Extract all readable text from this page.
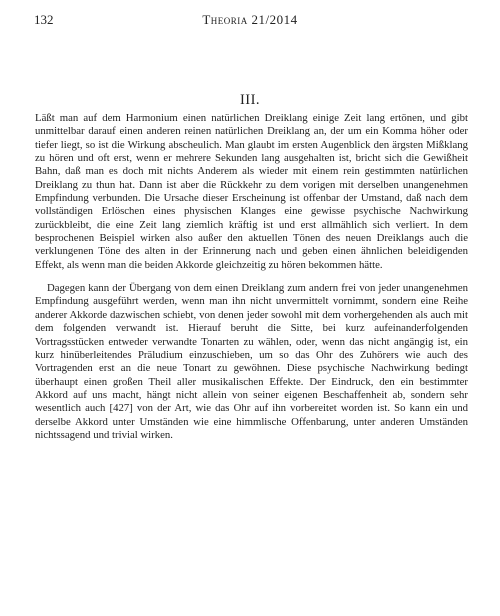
132	Theoria 21/2014
III.

Läßt man auf dem Harmonium einen natürlichen Dreiklang einige Zeit lang ertönen, und gibt unmittelbar darauf einen anderen reinen natürlichen Dreiklang an, der um ein Komma höher oder tiefer liegt, so ist die Wirkung abscheulich. Man glaubt im ersten Augenblick den ärgsten Mißklang zu hören und oft erst, wenn er mehrere Sekunden lang ausgehalten ist, bricht sich die Gewißheit Bahn, daß man es doch mit nichts Anderem als wieder mit einem rein gestimmten natürlichen Dreiklang zu thun hat. Dann ist aber die Rückkehr zu dem vorigen mit derselben unangenehmen Empfindung verbunden. Die Ursache dieser Erscheinung ist offenbar der Umstand, daß nach dem vollständigen Erlöschen eines physischen Klanges eine gewisse psychische Nachwirkung zurückbleibt, die eine Zeit lang ziemlich kräftig ist und erst allmählich sich verliert. In dem besprochenen Beispiel wirken also außer den aktuellen Tönen des neuen Dreiklangs auch die verklungenen Töne des alten in der Erinnerung nach und geben einen ähnlichen beleidigenden Effekt, als wenn man die beiden Akkorde gleichzeitig zu hören bekommen hätte.

Dagegen kann der Übergang von dem einen Dreiklang zum andern frei von jeder unangenehmen Empfindung ausgeführt werden, wenn man ihn nicht unvermittelt vornimmt, sondern eine Reihe anderer Akkorde dazwischen schiebt, von denen jeder sowohl mit dem vorhergehenden als auch mit dem folgenden verwandt ist. Hierauf beruht die Sitte, bei kurz aufeinanderfolgenden Vortragsstücken entweder verwandte Tonarten zu wählen, oder, wenn das nicht angängig ist, ein kurz hinüberleitendes Präludium einzuschieben, um so das Ohr des Zuhörers wie auch des Vortragenden erst an die neue Tonart zu gewöhnen. Diese psychische Nachwirkung bedingt überhaupt einen großen Theil aller musikalischen Effekte. Der Eindruck, den ein bestimmter Akkord auf uns macht, hängt nicht allein von seiner eigenen Beschaffenheit ab, sondern sehr wesentlich auch [427] von der Art, wie das Ohr auf ihn vorbereitet worden ist. So kann ein und derselbe Akkord unter Umständen wie eine himmlische Offenbarung, unter anderen Umständen nichtssagend und trivial wirken.
